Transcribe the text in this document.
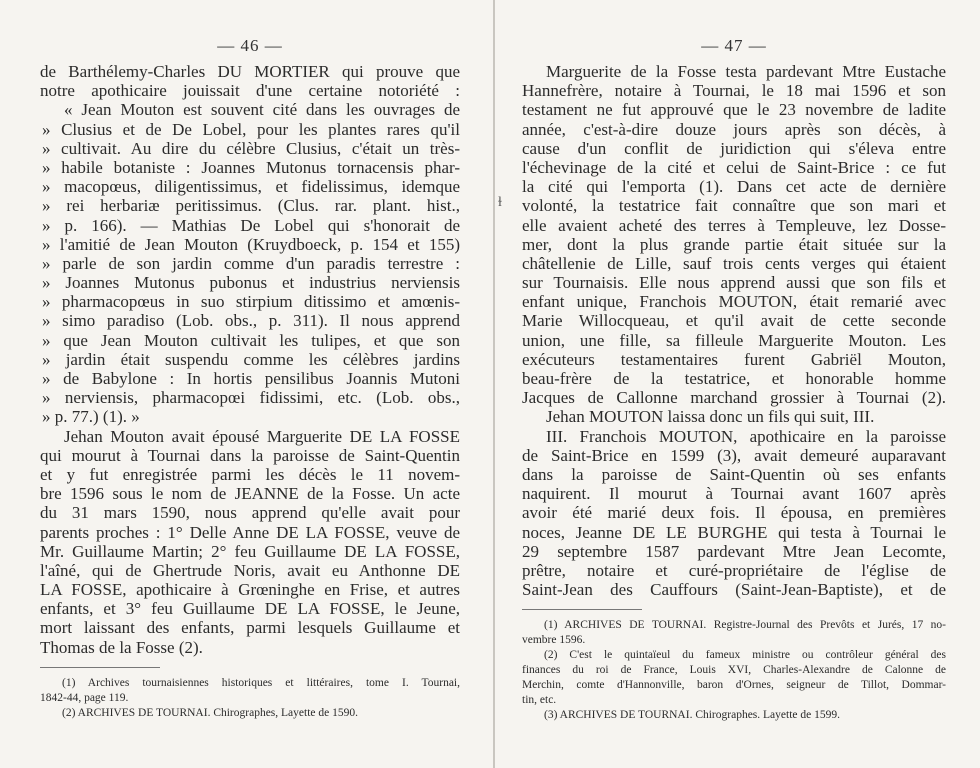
ɫ
— 46 —
de Barthélemy-Charles DU MORTIER qui prouve que
notre apothicaire jouissait d'une certaine notoriété :
« Jean Mouton est souvent cité dans les ouvrages de
» Clusius et de De Lobel, pour les plantes rares qu'il
» cultivait. Au dire du célèbre Clusius, c'était un très-
» habile botaniste : Joannes Mutonus tornacensis phar-
» macopœus, diligentissimus, et fidelissimus, idemque
» rei herbariæ peritissimus. (Clus. rar. plant. hist.,
» p. 166). — Mathias De Lobel qui s'honorait de
» l'amitié de Jean Mouton (Kruydboeck, p. 154 et 155)
» parle de son jardin comme d'un paradis terrestre :
» Joannes Mutonus pubonus et industrius nerviensis
» pharmacopœus in suo stirpium ditissimo et amœnis-
» simo paradiso (Lob. obs., p. 311). Il nous apprend
» que Jean Mouton cultivait les tulipes, et que son
» jardin était suspendu comme les célèbres jardins
» de Babylone : In hortis pensilibus Joannis Mutoni
» nerviensis, pharmacopœi fidissimi, etc. (Lob. obs.,
» p. 77.) (1). »
Jehan Mouton avait épousé Marguerite DE LA FOSSE
qui mourut à Tournai dans la paroisse de Saint-Quentin
et y fut enregistrée parmi les décès le 11 novem-
bre 1596 sous le nom de JEANNE de la Fosse. Un acte
du 31 mars 1590, nous apprend qu'elle avait pour
parents proches : 1° Delle Anne DE LA FOSSE, veuve de
Mr. Guillaume Martin; 2° feu Guillaume DE LA FOSSE,
l'aîné, qui de Ghertrude Noris, avait eu Anthonne DE
LA FOSSE, apothicaire à Grœninghe en Frise, et autres
enfants, et 3° feu Guillaume DE LA FOSSE, le Jeune,
mort laissant des enfants, parmi lesquels Guillaume et
Thomas de la Fosse (2).
(1) Archives tournaisiennes historiques et littéraires, tome I. Tournai,
1842-44, page 119.
(2) ARCHIVES DE TOURNAI. Chirographes, Layette de 1590.
— 47 —
Marguerite de la Fosse testa pardevant Mtre Eustache
Hannefrère, notaire à Tournai, le 18 mai 1596 et son
testament ne fut approuvé que le 23 novembre de ladite
année, c'est-à-dire douze jours après son décès, à
cause d'un conflit de juridiction qui s'éleva entre
l'échevinage de la cité et celui de Saint-Brice : ce fut
la cité qui l'emporta (1). Dans cet acte de dernière
volonté, la testatrice fait connaître que son mari et
elle avaient acheté des terres à Templeuve, lez Dosse-
mer, dont la plus grande partie était située sur la
châtellenie de Lille, sauf trois cents verges qui étaient
sur Tournaisis. Elle nous apprend aussi que son fils et
enfant unique, Franchois MOUTON, était remarié avec
Marie Willocqueau, et qu'il avait de cette seconde
union, une fille, sa filleule Marguerite Mouton. Les
exécuteurs testamentaires furent Gabriël Mouton,
beau-frère de la testatrice, et honorable homme
Jacques de Callonne marchand grossier à Tournai (2).
Jehan MOUTON laissa donc un fils qui suit, III.
III. Franchois MOUTON, apothicaire en la paroisse
de Saint-Brice en 1599 (3), avait demeuré auparavant
dans la paroisse de Saint-Quentin où ses enfants
naquirent. Il mourut à Tournai avant 1607 après
avoir été marié deux fois. Il épousa, en premières
noces, Jeanne DE LE BURGHE qui testa à Tournai le
29 septembre 1587 pardevant Mtre Jean Lecomte,
prêtre, notaire et curé-propriétaire de l'église de
Saint-Jean des Cauffours (Saint-Jean-Baptiste), et de
(1) ARCHIVES DE TOURNAI. Registre-Journal des Prevôts et Jurés, 17 no-
vembre 1596.
(2) C'est le quintaïeul du fameux ministre ou contrôleur général des
finances du roi de France, Louis XVI, Charles-Alexandre de Calonne de
Merchin, comte d'Hannonville, baron d'Ornes, seigneur de Tillot, Dommar-
tin, etc.
(3) ARCHIVES DE TOURNAI. Chirographes. Layette de 1599.
